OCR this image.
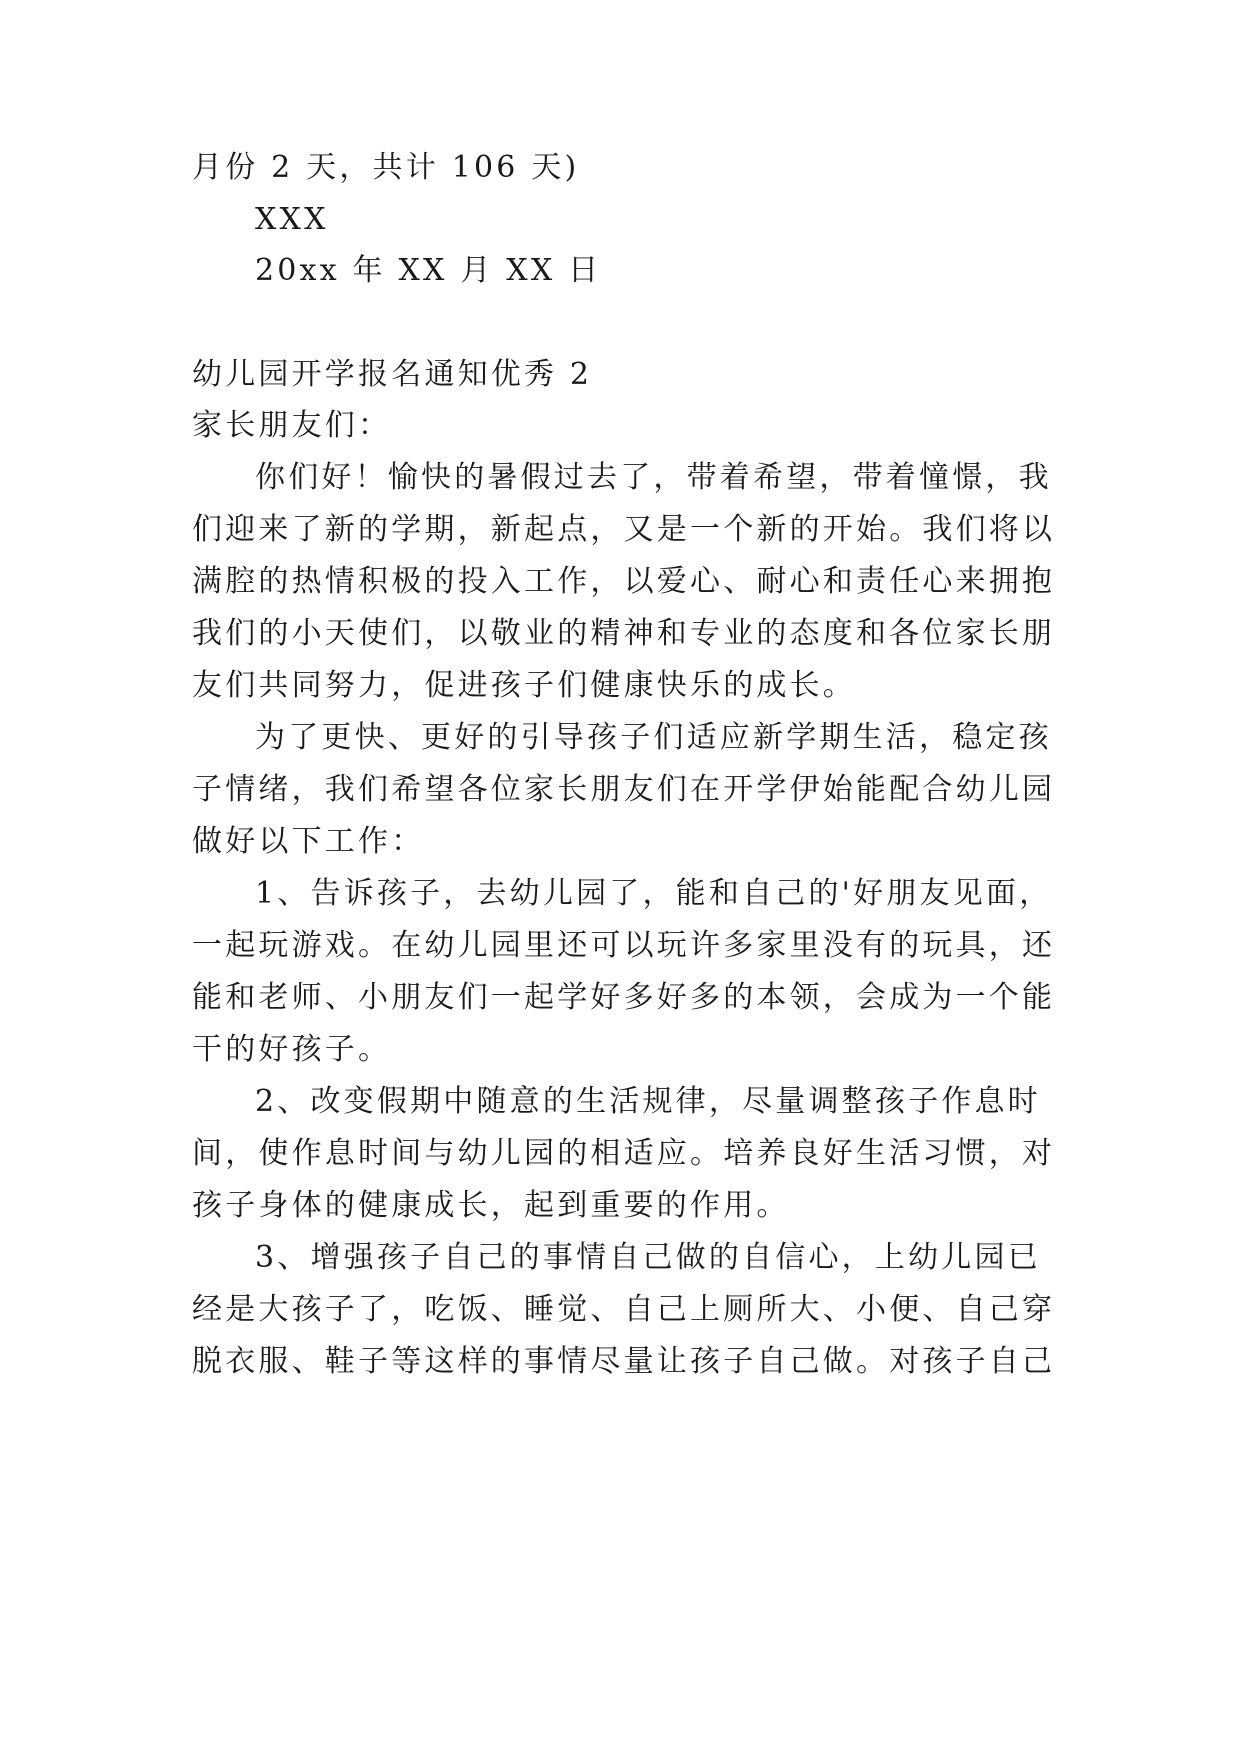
月份 2 天，共计 106 天)
XXX
20xx 年 XX 月 XX 日
幼儿园开学报名通知优秀 2
家长朋友们：
你们好！愉快的暑假过去了，带着希望，带着憧憬，我
们迎来了新的学期，新起点，又是一个新的开始。我们将以
满腔的热情积极的投入工作，以爱心、耐心和责任心来拥抱
我们的小天使们，以敬业的精神和专业的态度和各位家长朋
友们共同努力，促进孩子们健康快乐的成长。
为了更快、更好的引导孩子们适应新学期生活，稳定孩
子情绪，我们希望各位家长朋友们在开学伊始能配合幼儿园
做好以下工作：
1、告诉孩子，去幼儿园了，能和自己的'好朋友见面，
一起玩游戏。在幼儿园里还可以玩许多家里没有的玩具，还
能和老师、小朋友们一起学好多好多的本领，会成为一个能
干的好孩子。
2、改变假期中随意的生活规律，尽量调整孩子作息时
间，使作息时间与幼儿园的相适应。培养良好生活习惯，对
孩子身体的健康成长，起到重要的作用。
3、增强孩子自己的事情自己做的自信心，上幼儿园已
经是大孩子了，吃饭、睡觉、自己上厕所大、小便、自己穿
脱衣服、鞋子等这样的事情尽量让孩子自己做。对孩子自己
